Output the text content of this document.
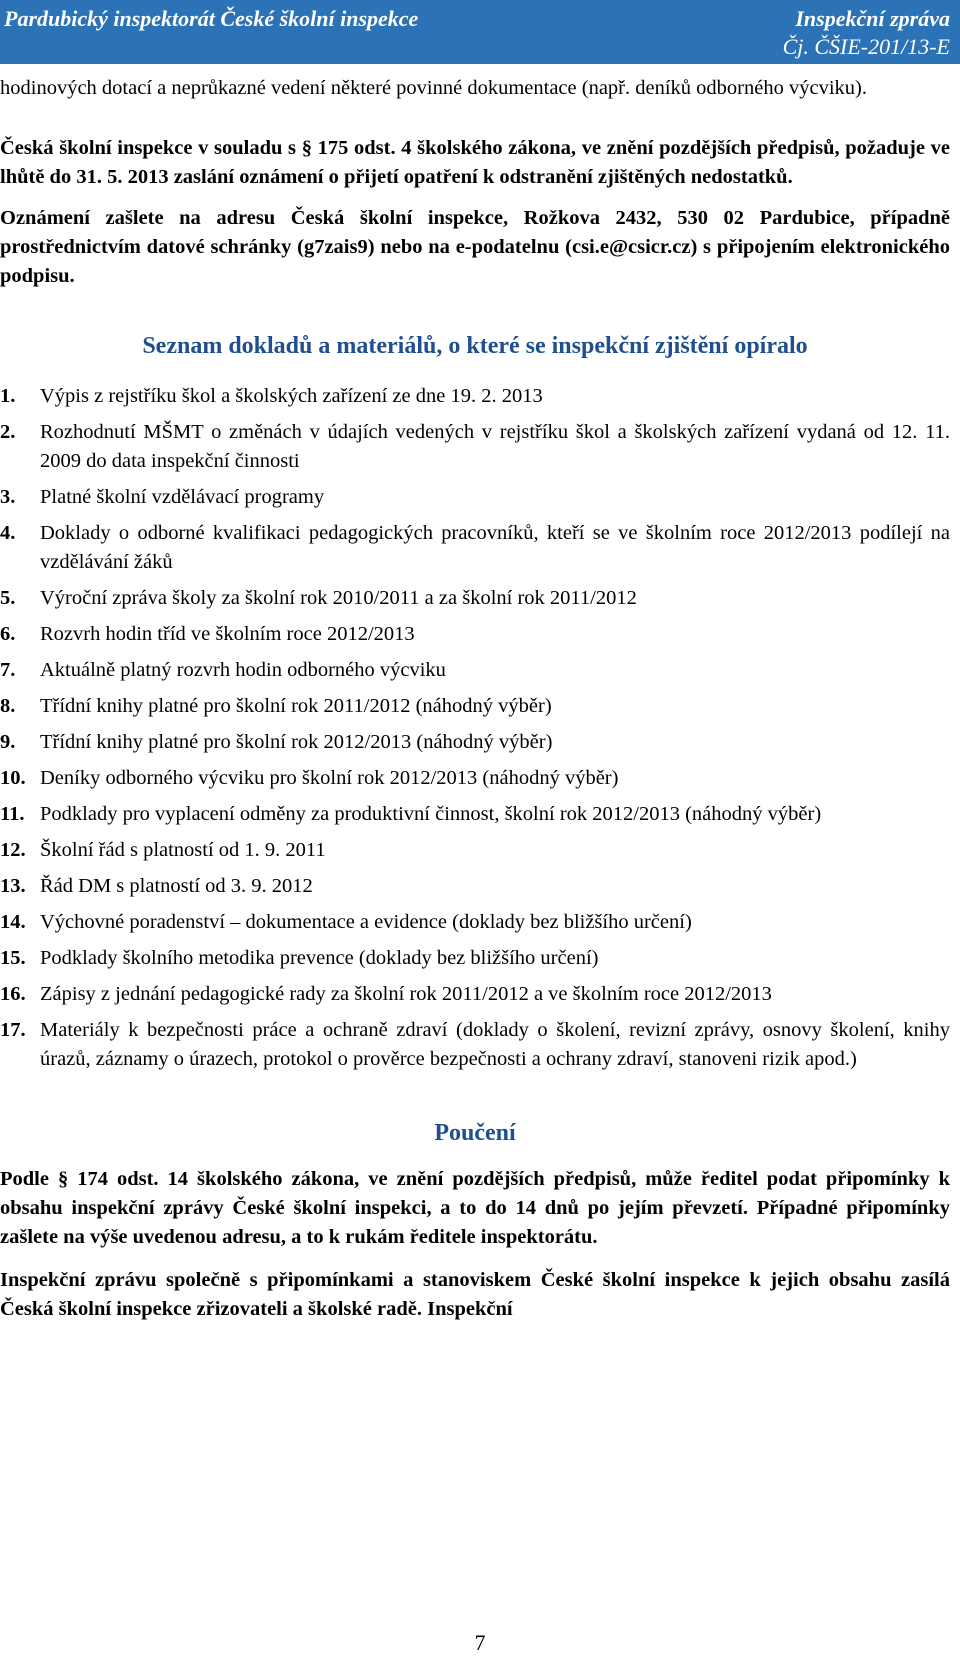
Pardubický inspektorát České školní inspekce	Inspekční zpráva
Čj. ČŠIE-201/13-E

hodinových dotací a neprůkazné vedení některé povinné dokumentace (např. deníků odborného výcviku).

Česká školní inspekce v souladu s § 175 odst. 4 školského zákona, ve znění pozdějších předpisů, požaduje ve lhůtě do 31. 5. 2013 zaslání oznámení o přijetí opatření k odstranění zjištěných nedostatků.

Oznámení zašlete na adresu Česká školní inspekce, Rožkova 2432, 530 02 Pardubice, případně prostřednictvím datové schránky (g7zais9) nebo na e-podatelnu (csi.e@csicr.cz) s připojením elektronického podpisu.

Seznam dokladů a materiálů, o které se inspekční zjištění opíralo
1.	Výpis z rejstříku škol a školských zařízení ze dne 19. 2. 2013
2.	Rozhodnutí MŠMT o změnách v údajích vedených v rejstříku škol a školských zařízení vydaná od 12. 11. 2009 do data inspekční činnosti
3.	Platné školní vzdělávací programy
4.	Doklady o odborné kvalifikaci pedagogických pracovníků, kteří se ve školním roce 2012/2013 podílejí na vzdělávání žáků
5.	Výroční zpráva školy za školní rok 2010/2011 a za školní rok 2011/2012
6.	Rozvrh hodin tříd ve školním roce 2012/2013
7.	Aktuálně platný rozvrh hodin odborného výcviku
8.	Třídní knihy platné pro školní rok 2011/2012 (náhodný výběr)
9.	Třídní knihy platné pro školní rok 2012/2013 (náhodný výběr)
10. Deníky odborného výcviku pro školní rok 2012/2013 (náhodný výběr)
11. Podklady pro vyplacení odměny za produktivní činnost, školní rok 2012/2013 (náhodný výběr)
12. Školní řád s platností od 1. 9. 2011
13. Řád DM s platností od 3. 9. 2012
14. Výchovné poradenství – dokumentace a evidence (doklady bez bližšího určení)
15. Podklady školního metodika prevence (doklady bez bližšího určení)
16. Zápisy z jednání pedagogické rady za školní rok 2011/2012 a ve školním roce 2012/2013
17. Materiály k bezpečnosti práce a ochraně zdraví (doklady o školení, revizní zprávy, osnovy školení, knihy úrazů, záznamy o úrazech, protokol o prověrce bezpečnosti a ochrany zdraví, stanoveni rizik apod.)
Poučení

Podle § 174 odst. 14 školského zákona, ve znění pozdějších předpisů, může ředitel podat připomínky k obsahu inspekční zprávy České školní inspekci, a to do 14 dnů po jejím převzetí. Případné připomínky zašlete na výše uvedenou adresu, a to k rukám ředitele inspektorátu.

Inspekční zprávu společně s připomínkami a stanoviskem České školní inspekce k jejich obsahu zasílá Česká školní inspekce zřizovateli a školské radě. Inspekční

7
